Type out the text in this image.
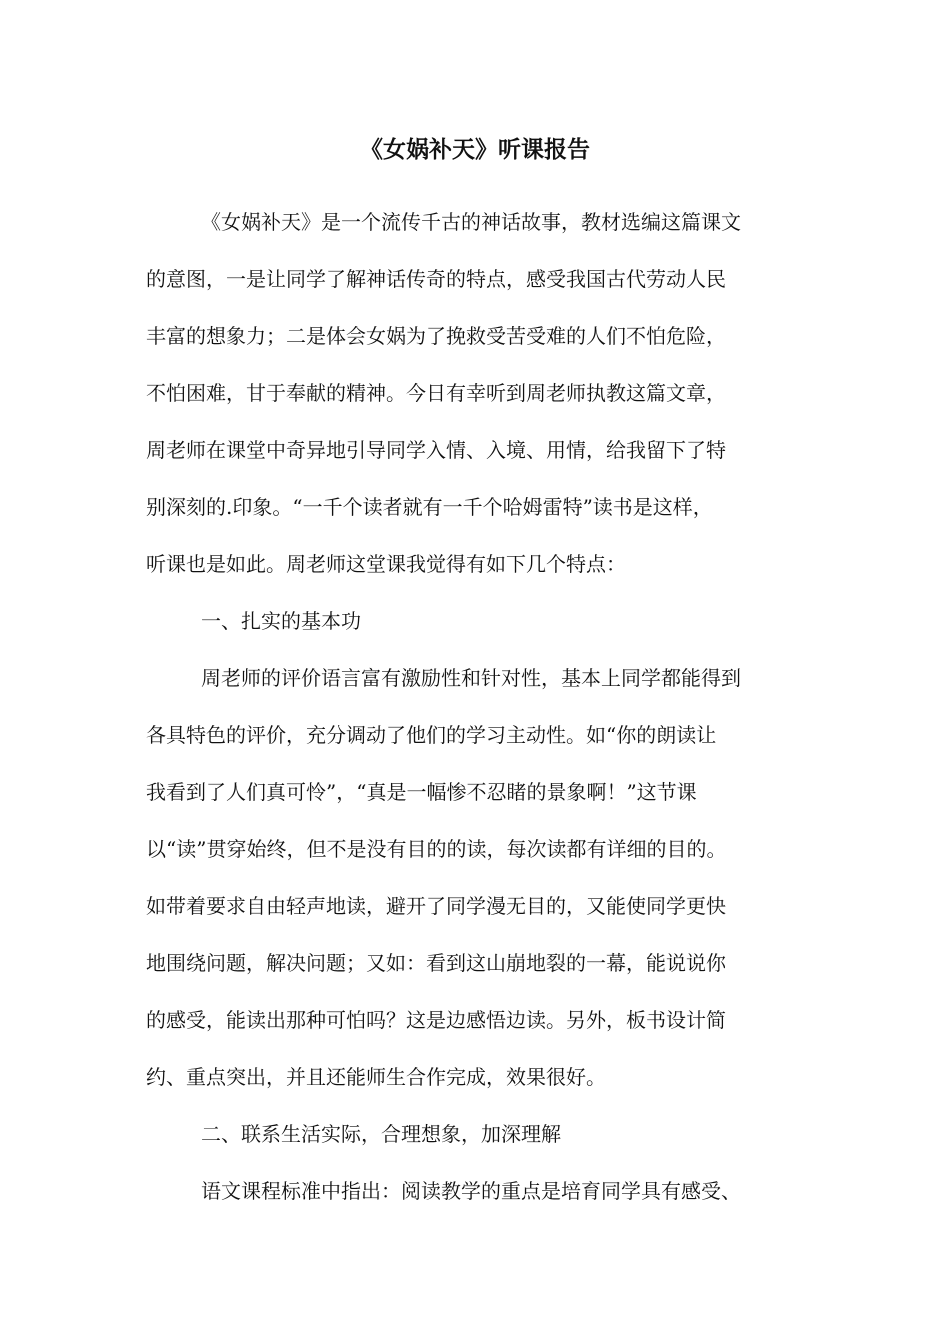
《女娲补天》听课报告

《女娲补天》是一个流传千古的神话故事，教材选编这篇课文

的意图，一是让同学了解神话传奇的特点，感受我国古代劳动人民

丰富的想象力；二是体会女娲为了挽救受苦受难的人们不怕危险，

不怕困难，甘于奉献的精神。今日有幸听到周老师执教这篇文章，

周老师在课堂中奇异地引导同学入情、入境、用情，给我留下了特

别深刻的.印象。“一千个读者就有一千个哈姆雷特”读书是这样，

听课也是如此。周老师这堂课我觉得有如下几个特点：

一、扎实的基本功

周老师的评价语言富有激励性和针对性，基本上同学都能得到

各具特色的评价，充分调动了他们的学习主动性。如“你的朗读让

我看到了人们真可怜”，“真是一幅惨不忍睹的景象啊！”这节课

以“读”贯穿始终，但不是没有目的的读，每次读都有详细的目的。

如带着要求自由轻声地读，避开了同学漫无目的，又能使同学更快

地围绕问题，解决问题；又如：看到这山崩地裂的一幕，能说说你

的感受，能读出那种可怕吗？这是边感悟边读。另外，板书设计简

约、重点突出，并且还能师生合作完成，效果很好。

二、联系生活实际，合理想象，加深理解

语文课程标准中指出：阅读教学的重点是培育同学具有感受、
